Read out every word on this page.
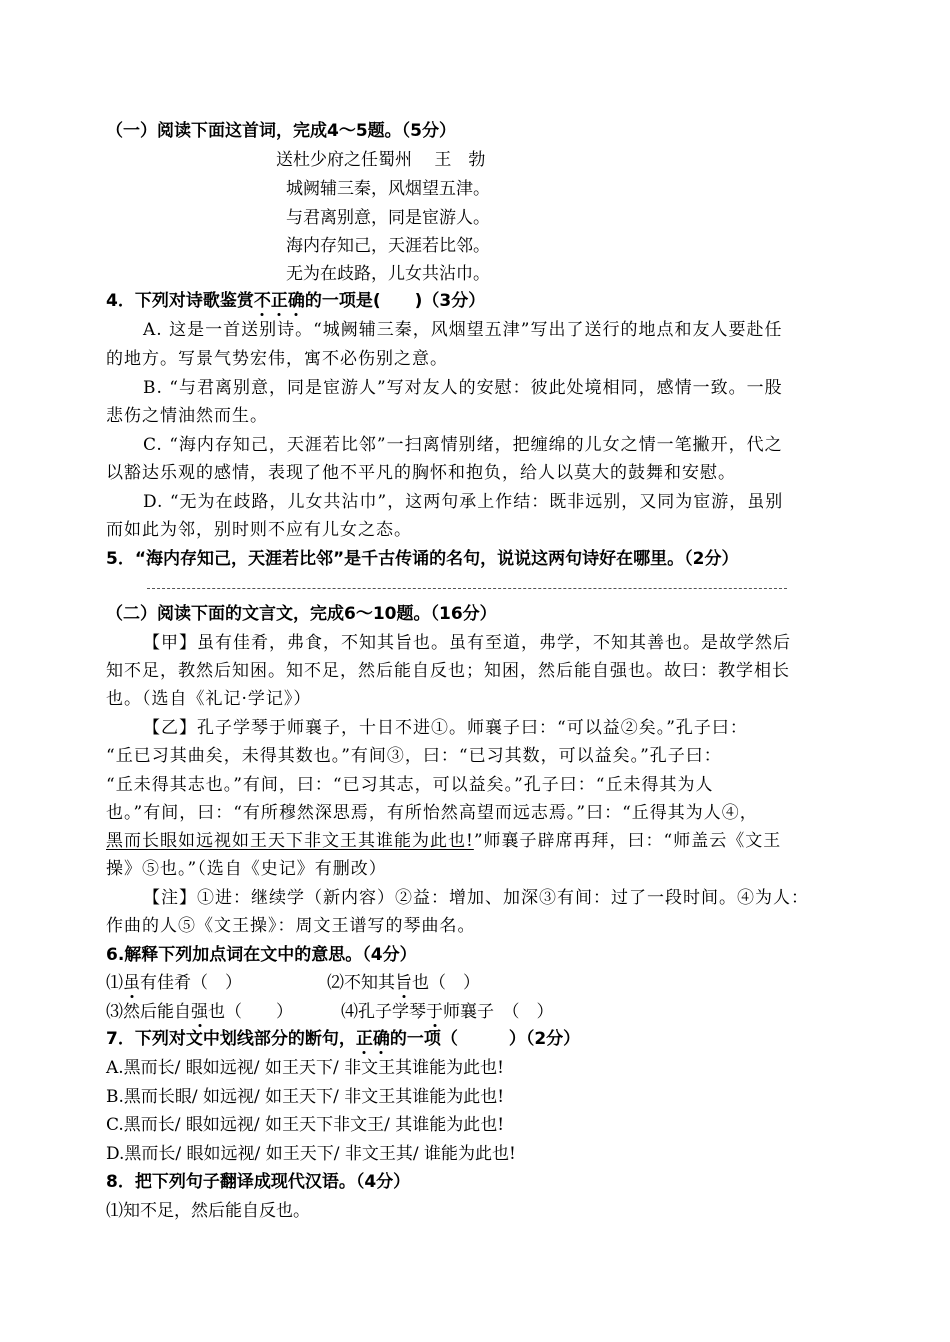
（一）阅读下面这首词，完成4～5题。（5分）
送杜少府之任蜀州　 王　勃
城阙辅三秦，风烟望五津。
与君离别意，同是宦游人。
海内存知己，天涯若比邻。
无为在歧路，儿女共沾巾。
4．下列对诗歌鉴赏不正确的一项是(　　)（3分）
A. 这是一首送别诗。“城阙辅三秦，风烟望五津”写出了送行的地点和友人要赴任
的地方。写景气势宏伟，寓不必伤别之意。
B. “与君离别意，同是宦游人”写对友人的安慰：彼此处境相同，感情一致。一股
悲伤之情油然而生。
C. “海内存知己，天涯若比邻”一扫离情别绪，把缠绵的儿女之情一笔撇开，代之
以豁达乐观的感情，表现了他不平凡的胸怀和抱负，给人以莫大的鼓舞和安慰。
D. “无为在歧路，儿女共沾巾”，这两句承上作结：既非远别，又同为宦游，虽别
而如此为邻，别时则不应有儿女之态。
5．“海内存知己，天涯若比邻”是千古传诵的名句，说说这两句诗好在哪里。（2分）
（二）阅读下面的文言文，完成6～10题。（16分）
【甲】虽有佳肴，弗食，不知其旨也。虽有至道，弗学，不知其善也。是故学然后
知不足，教然后知困。知不足，然后能自反也；知困，然后能自强也。故曰：教学相长
也。（选自《礼记·学记》）
【乙】孔子学琴于师襄子，十日不进①。师襄子曰：“可以益②矣。”孔子曰：
“丘已习其曲矣，未得其数也。”有间③，曰：“已习其数，可以益矣。”孔子曰：
“丘未得其志也。”有间，曰：“已习其志，可以益矣。”孔子曰：“丘未得其为人
也。”有间，曰：“有所穆然深思焉，有所怡然高望而远志焉。”曰：“丘得其为人④，
黑而长眼如远视如王天下非文王其谁能为此也!”师襄子辟席再拜，曰：“师盖云《文王
操》⑤也。”（选自《史记》有删改）
【注】①进：继续学（新内容）②益：增加、加深③有间：过了一段时间。④为人：
作曲的人⑤《文王操》：周文王谱写的琴曲名。
6.解释下列加点词在文中的意思。（4分）
⑴虽有佳肴（　）	⑵不知其旨也（　）
⑶然后能自强也（　　）	⑷孔子学琴于师襄子　（　）
7．下列对文中划线部分的断句，正确的一项（　　　）（2分）
A.黑而长/ 眼如远视/ 如王天下/ 非文王其谁能为此也!
B.黑而长眼/ 如远视/ 如王天下/ 非文王其谁能为此也!
C.黑而长/ 眼如远视/ 如王天下非文王/ 其谁能为此也!
D.黑而长/ 眼如远视/ 如王天下/ 非文王其/ 谁能为此也!
8．把下列句子翻译成现代汉语。（4分）
⑴知不足，然后能自反也。
